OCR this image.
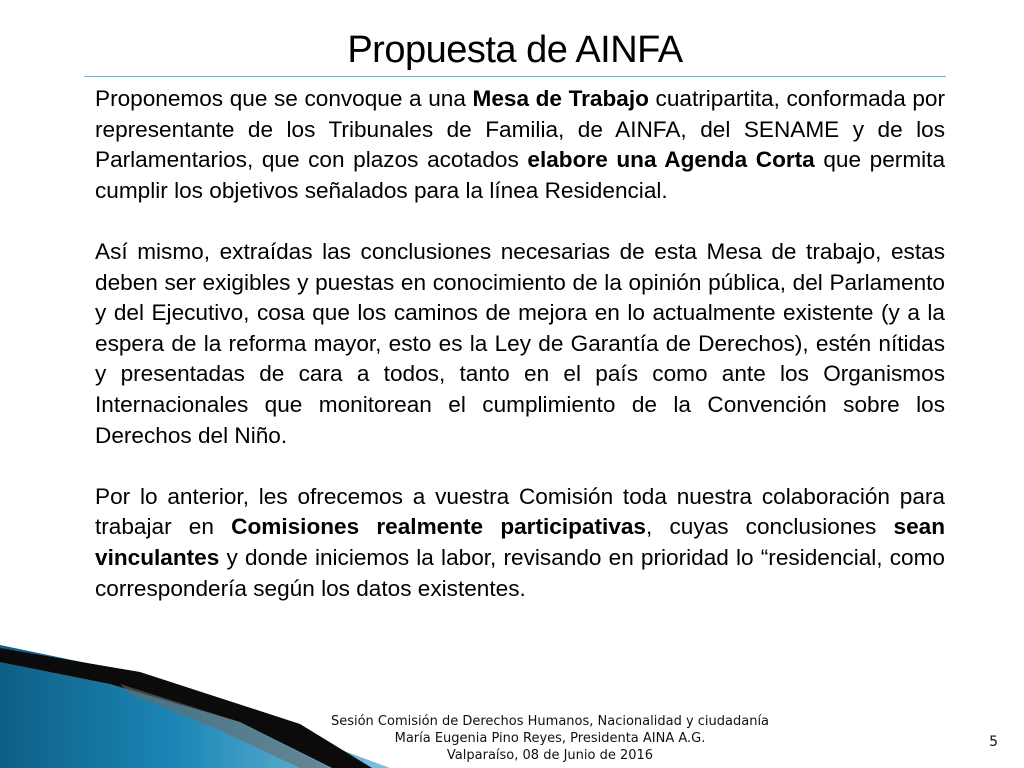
Propuesta de AINFA

Proponemos que se convoque a una Mesa de Trabajo cuatripartita, conformada por representante de los Tribunales de Familia, de AINFA, del SENAME y de los Parlamentarios, que con plazos acotados elabore una Agenda Corta que permita cumplir los objetivos señalados para la línea Residencial.

Así mismo, extraídas las conclusiones necesarias de esta Mesa de trabajo, estas deben ser exigibles y puestas en conocimiento de la opinión pública, del Parlamento y del Ejecutivo, cosa que los caminos de mejora en lo actualmente existente (y a la espera de la reforma mayor, esto es la Ley de Garantía de Derechos), estén nítidas y presentadas de cara a todos, tanto en el país como ante los Organismos Internacionales que monitorean el cumplimiento de la Convención sobre los Derechos del Niño.

Por lo anterior, les ofrecemos a vuestra Comisión toda nuestra colaboración para trabajar en Comisiones realmente participativas, cuyas conclusiones sean vinculantes y donde iniciemos la labor, revisando en prioridad lo “residencial, como correspondería según los datos existentes.

Sesión Comisión de Derechos Humanos, Nacionalidad y ciudadanía
María Eugenia Pino Reyes, Presidenta AINA A.G.
Valparaíso, 08 de Junio de 2016
5
